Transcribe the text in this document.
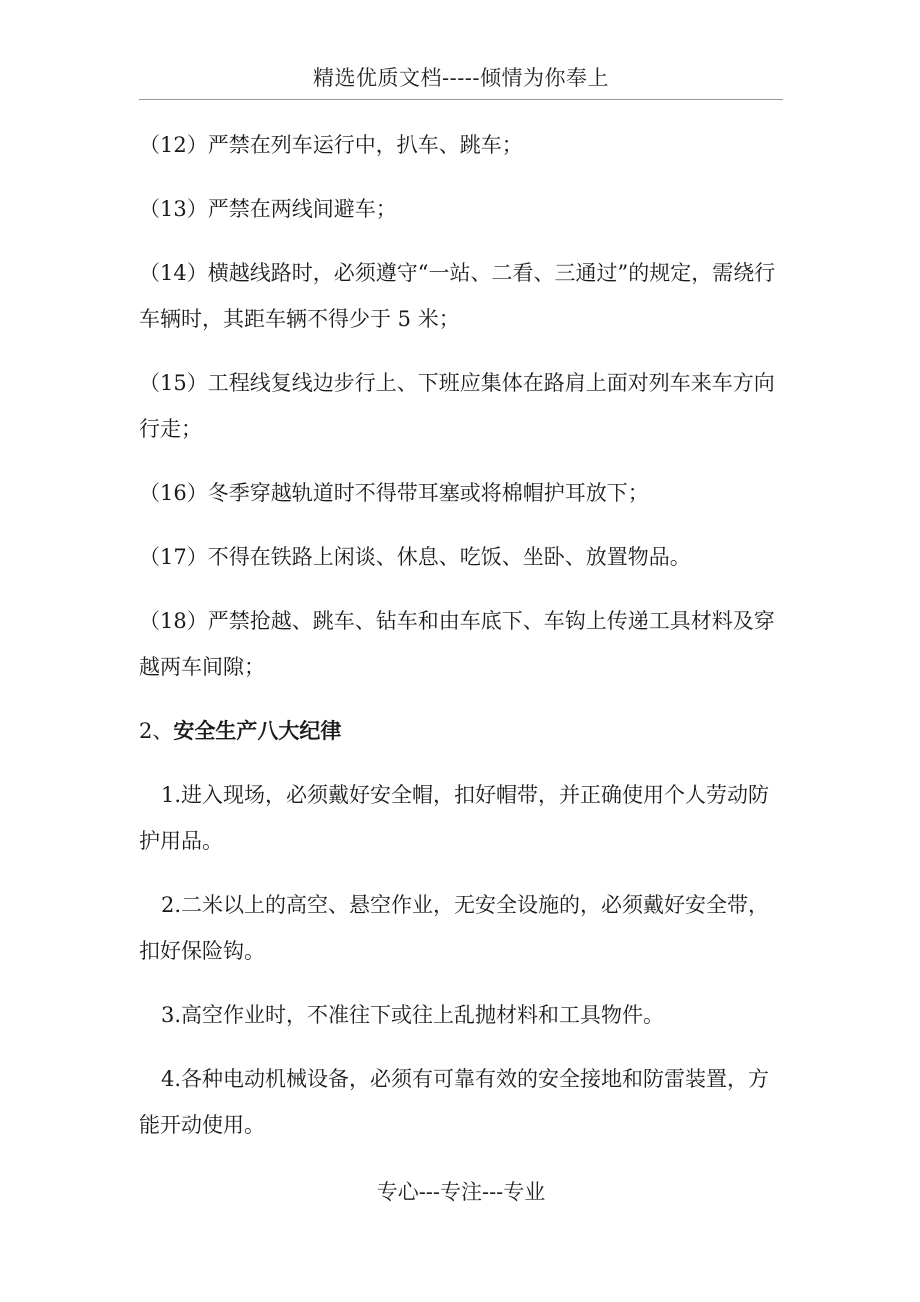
精选优质文档-----倾情为你奉上

（12）严禁在列车运行中，扒车、跳车；

（13）严禁在两线间避车；

（14）横越线路时，必须遵守“一站、二看、三通过”的规定，需绕行车辆时，其距车辆不得少于 5 米；

（15）工程线复线边步行上、下班应集体在路肩上面对列车来车方向行走；

（16）冬季穿越轨道时不得带耳塞或将棉帽护耳放下；

（17）不得在铁路上闲谈、休息、吃饭、坐卧、放置物品。

（18）严禁抢越、跳车、钻车和由车底下、车钩上传递工具材料及穿越两车间隙；

2、安全生产八大纪律

1.进入现场，必须戴好安全帽，扣好帽带，并正确使用个人劳动防护用品。

2.二米以上的高空、悬空作业，无安全设施的，必须戴好安全带，扣好保险钩。

3.高空作业时，不准往下或往上乱抛材料和工具物件。

4.各种电动机械设备，必须有可靠有效的安全接地和防雷装置，方能开动使用。

专心---专注---专业
